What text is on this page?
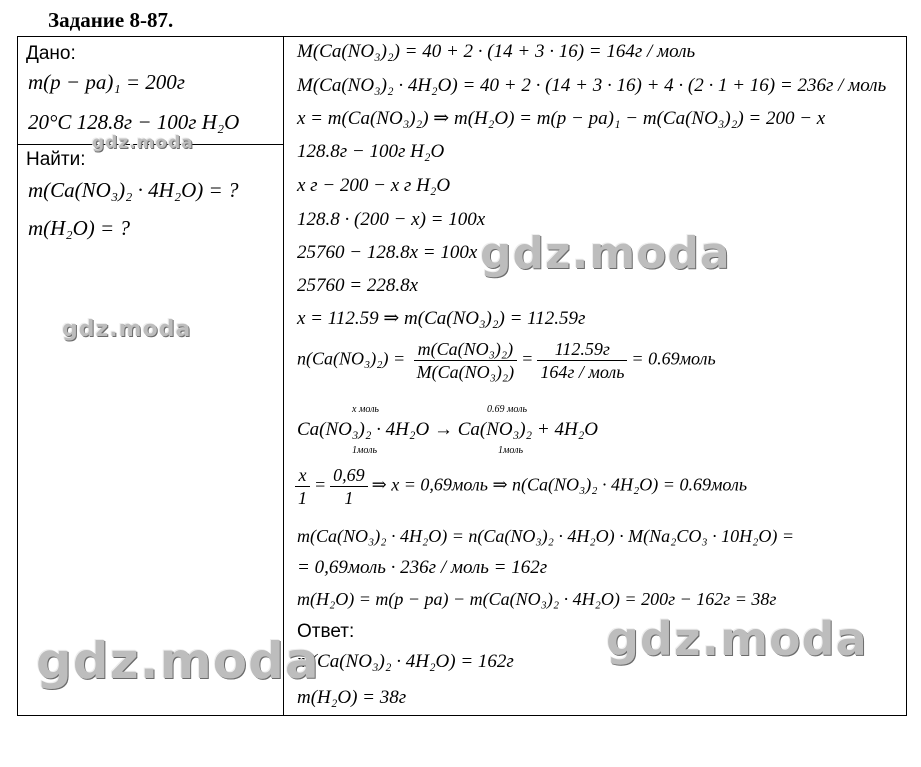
Задание 8-87.
Дано:
m(p − pa)₁ = 200г
20°C 128.8г − 100г H₂O
Найти:
m(Ca(NO₃)₂ · 4H₂O) = ?
m(H₂O) = ?
M(Ca(NO₃)₂) = 40 + 2 · (14 + 3 · 16) = 164г / моль
M(Ca(NO₃)₂ · 4H₂O) = 40 + 2 · (14 + 3 · 16) + 4 · (2 · 1 + 16) = 236г / моль
x = m(Ca(NO₃)₂) ⇒ m(H₂O) = m(p − pa)₁ − m(Ca(NO₃)₂) = 200 − x
128.8г − 100г H₂O
x г − 200 − x г H₂O
128.8 · (200 − x) = 100x
25760 − 128.8x = 100x
25760 = 228.8x
x = 112.59 ⇒ m(Ca(NO₃)₂) = 112.59г
$n(Ca(NO_3)_2) = \frac{\text{m(Ca(NO₃)₂)}}{\text{M(Ca(NO₃)₂)}} = \frac{112.59г}{\text{164г / моль}}$ = 0.69моль
x моль	0.69 моль
Ca(NO₃)₂ · 4H₂O → Ca(NO₃)₂ + 4H₂O
1моль	1моль
$\frac{x}{1} = \frac{0,69}{1}$ ⇒ x = 0,69моль ⇒ n(Ca(NO₃)₂ · 4H₂O) = 0.69моль
m(Ca(NO₃)₂ · 4H₂O) = n(Ca(NO₃)₂ · 4H₂O) · M(Na₂CO₃ · 10H₂O) =
= 0,69моль · 236г / моль = 162г
m(H₂O) = m(p − pa) − m(Ca(NO₃)₂ · 4H₂O) = 200г − 162г = 38г
Ответ:
m(Ca(NO₃)₂ · 4H₂O) = 162г
m(H₂O) = 38г
gdz.moda
gdz.moda
gdz.moda
gdz.moda	gdz.moda
